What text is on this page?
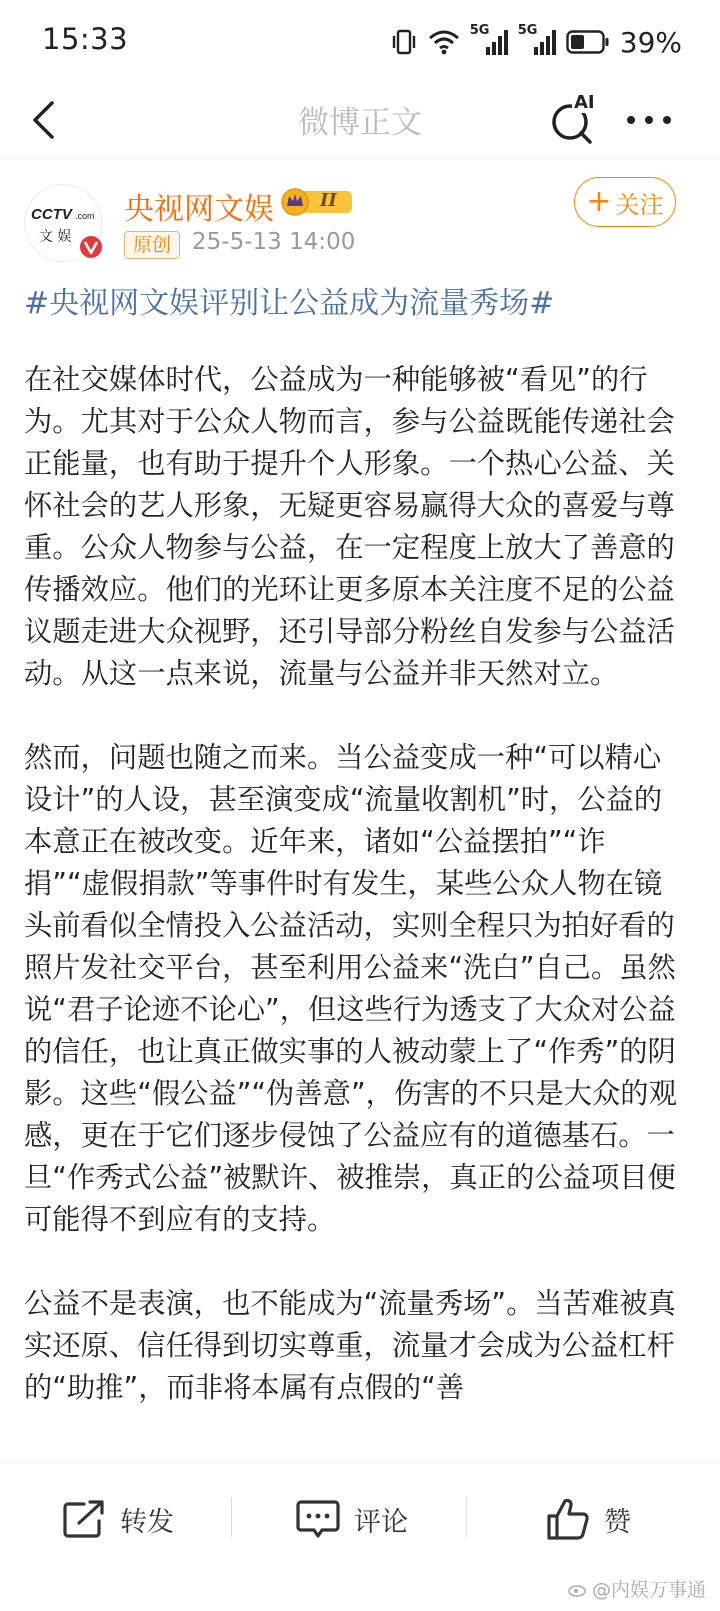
15:33	5G 5G	39%
微博正文
AI
CCTV .com
文 娱
央视网文娱	II	+ 关注
原创 25-5-13 14:00
#央视网文娱评别让公益成为流量秀场#

在社交媒体时代，公益成为一种能够被“看见”的行为。尤其对于公众人物而言，参与公益既能传递社会正能量，也有助于提升个人形象。一个热心公益、关怀社会的艺人形象，无疑更容易赢得大众的喜爱与尊重。公众人物参与公益，在一定程度上放大了善意的传播效应。他们的光环让更多原本关注度不足的公益议题走进大众视野，还引导部分粉丝自发参与公益活动。从这一点来说，流量与公益并非天然对立。

然而，问题也随之而来。当公益变成一种“可以精心设计”的人设，甚至演变成“流量收割机”时，公益的本意正在被改变。近年来，诸如“公益摆拍”“诈捐”“虚假捐款”等事件时有发生，某些公众人物在镜头前看似全情投入公益活动，实则全程只为拍好看的照片发社交平台，甚至利用公益来“洗白”自己。虽然说“君子论迹不论心”，但这些行为透支了大众对公益的信任，也让真正做实事的人被动蒙上了“作秀”的阴影。这些“假公益”“伪善意”，伤害的不只是大众的观感，更在于它们逐步侵蚀了公益应有的道德基石。一旦“作秀式公益”被默许、被推崇，真正的公益项目便可能得不到应有的支持。

公益不是表演，也不能成为“流量秀场”。当苦难被真实还原、信任得到切实尊重，流量才会成为公益杠杆的“助推”，而非将本属有点假的“善

转发	评论	赞
@内娱万事通
